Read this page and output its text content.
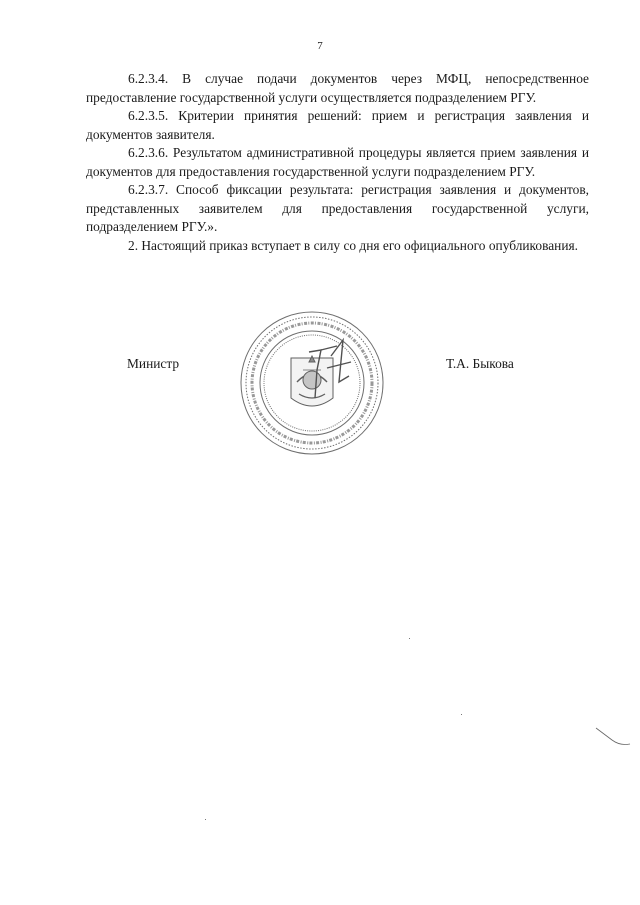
7

6.2.3.4. В случае подачи документов через МФЦ, непосредственное предоставление государственной услуги осуществляется подразделением РГУ.

6.2.3.5. Критерии принятия решений: прием и регистрация заявления и документов заявителя.

6.2.3.6. Результатом административной процедуры является прием заявления и документов для предоставления государственной услуги подразделением РГУ.

6.2.3.7. Способ фиксации результата: регистрация заявления и документов, представленных заявителем для предоставления государственной услуги, подразделением РГУ.».

2. Настоящий приказ вступает в силу со дня его официального опубликования.

Министр	Т.А. Быкова
